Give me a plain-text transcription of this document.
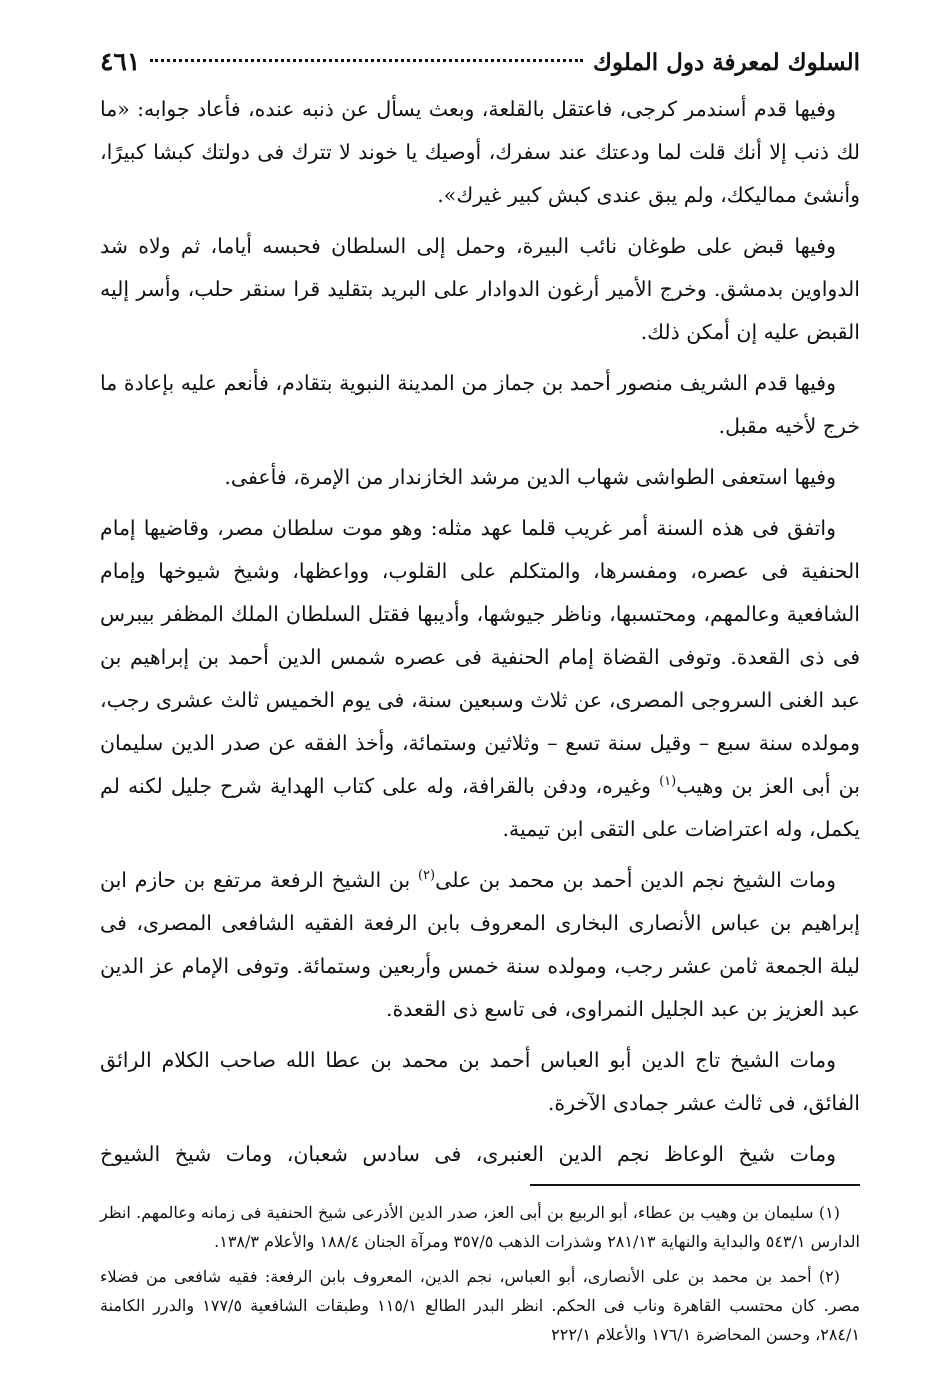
السلوك لمعرفة دول الملوك
٤٦١

وفيها قدم أسندمر كرجى، فاعتقل بالقلعة، وبعث يسأل عن ذنبه عنده، فأعاد جوابه: «ما لك ذنب إلا أنك قلت لما ودعتك عند سفرك، أوصيك يا خوند لا تترك فى دولتك كبشا كبيرًا، وأنشئ مماليكك، ولم يبق عندى كبش كبير غيرك».

وفيها قبض على طوغان نائب البيرة، وحمل إلى السلطان فحبسه أياما، ثم ولاه شد الدواوين بدمشق. وخرج الأمير أرغون الدوادار على البريد بتقليد قرا سنقر حلب، وأسر إليه القبض عليه إن أمكن ذلك.

وفيها قدم الشريف منصور أحمد بن جماز من المدينة النبوية بتقادم، فأنعم عليه بإعادة ما خرج لأخيه مقبل.

وفيها استعفى الطواشى شهاب الدين مرشد الخازندار من الإمرة، فأعفى.

واتفق فى هذه السنة أمر غريب قلما عهد مثله: وهو موت سلطان مصر، وقاضيها إمام الحنفية فى عصره، ومفسرها، والمتكلم على القلوب، وواعظها، وشيخ شيوخها وإمام الشافعية وعالمهم، ومحتسبها، وناظر جيوشها، وأديبها فقتل السلطان الملك المظفر بيبرس فى ذى القعدة. وتوفى القضاة إمام الحنفية فى عصره شمس الدين أحمد بن إبراهيم بن عبد الغنى السروجى المصرى، عن ثلاث وسبعين سنة، فى يوم الخميس ثالث عشرى رجب، ومولده سنة سبع – وقيل سنة تسع – وثلاثين وستمائة، وأخذ الفقه عن صدر الدين سليمان بن أبى العز بن وهيب$^{(١)}$ وغيره، ودفن بالقرافة، وله على كتاب الهداية شرح جليل لكنه لم يكمل، وله اعتراضات على التقى ابن تيمية.

ومات الشيخ نجم الدين أحمد بن محمد بن على$^{(٢)}$ بن الشيخ الرفعة مرتفع بن حازم ابن إبراهيم بن عباس الأنصارى البخارى المعروف بابن الرفعة الفقيه الشافعى المصرى، فى ليلة الجمعة ثامن عشر رجب، ومولده سنة خمس وأربعين وستمائة. وتوفى الإمام عز الدين عبد العزيز بن عبد الجليل النمراوى، فى تاسع ذى القعدة.

ومات الشيخ تاج الدين أبو العباس أحمد بن محمد بن عطا الله صاحب الكلام الرائق الفائق، فى ثالث عشر جمادى الآخرة.

ومات شيخ الوعاظ نجم الدين العنبرى، فى سادس شعبان، ومات شيخ الشيوخ

(١) سليمان بن وهيب بن عطاء، أبو الربيع بن أبى العز، صدر الدين الأذرعى شيخ الحنفية فى زمانه وعالمهم. انظر الدارس ٥٤٣/١ والبداية والنهاية ٢٨١/١٣ وشذرات الذهب ٣٥٧/٥ ومرآة الجنان ١٨٨/٤ والأعلام ١٣٨/٣.

(٢) أحمد بن محمد بن على الأنصارى، أبو العباس، نجم الدين، المعروف بابن الرفعة: فقيه شافعى من فضلاء مصر. كان محتسب القاهرة وناب فى الحكم. انظر البدر الطالع ١١٥/١ وطبقات الشافعية ١٧٧/٥ والدرر الكامنة ٢٨٤/١، وحسن المحاضرة ١٧٦/١ والأعلام ٢٢٢/١
